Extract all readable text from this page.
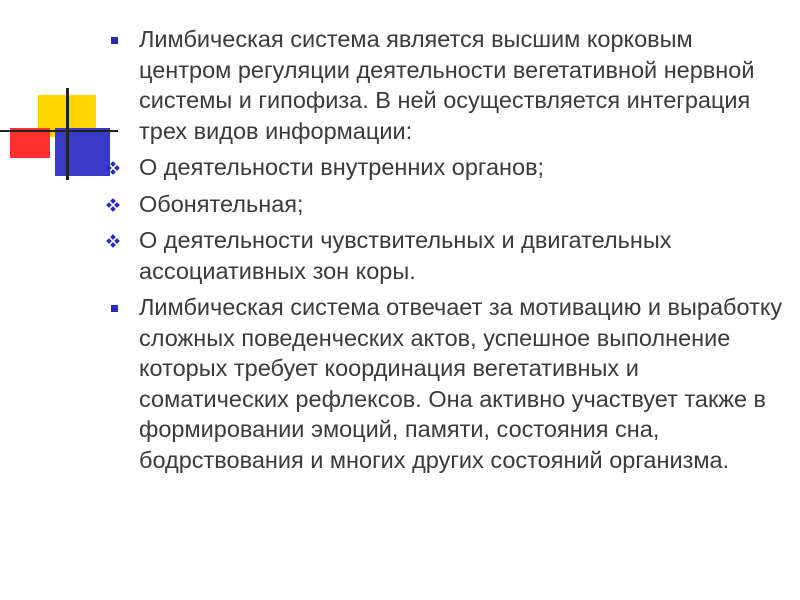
Лимбическая система является высшим корковым центром регуляции деятельности вегетативной нервной системы и гипофиза. В ней осуществляется интеграция трех видов информации:
О деятельности внутренних органов;
Обонятельная;
О деятельности чувствительных и двигательных ассоциативных зон коры.
Лимбическая система отвечает за мотивацию и выработку сложных поведенческих актов, успешное выполнение которых требует координация вегетативных и соматических рефлексов. Она активно участвует также в формировании эмоций, памяти, состояния сна, бодрствования и многих других состояний организма.
